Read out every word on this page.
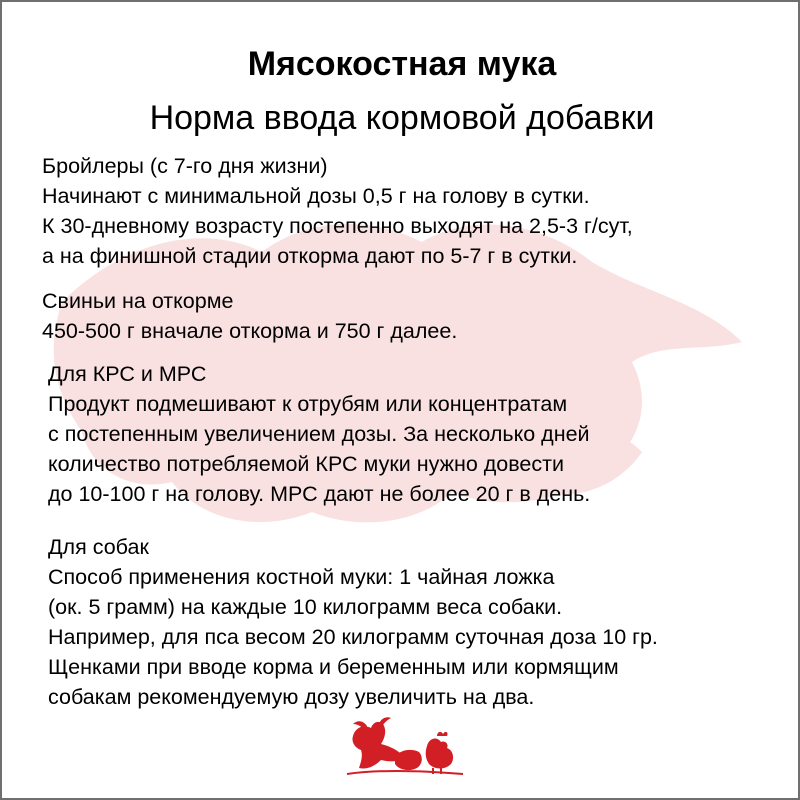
Мясокостная мука
Норма ввода кормовой добавки
Бройлеры (с 7-го дня жизни)
Начинают с минимальной дозы 0,5 г на голову в сутки.
К 30-дневному возрасту постепенно выходят на 2,5-3 г/сут,
а на финишной стадии откорма дают по 5-7 г в сутки.
Свиньи на откорме
450-500 г вначале откорма и 750 г далее.
Для КРС и МРС
Продукт подмешивают к отрубям или концентратам
с постепенным увеличением дозы. За несколько дней
количество потребляемой КРС муки нужно довести
до 10-100 г на голову. МРС дают не более 20 г в день.
Для собак
Способ применения костной муки: 1 чайная ложка
(ок. 5 грамм) на каждые 10 килограмм веса собаки.
Например, для пса весом 20 килограмм суточная доза 10 гр.
Щенками при вводе корма и беременным или кормящим
собакам рекомендуемую дозу увеличить на два.
